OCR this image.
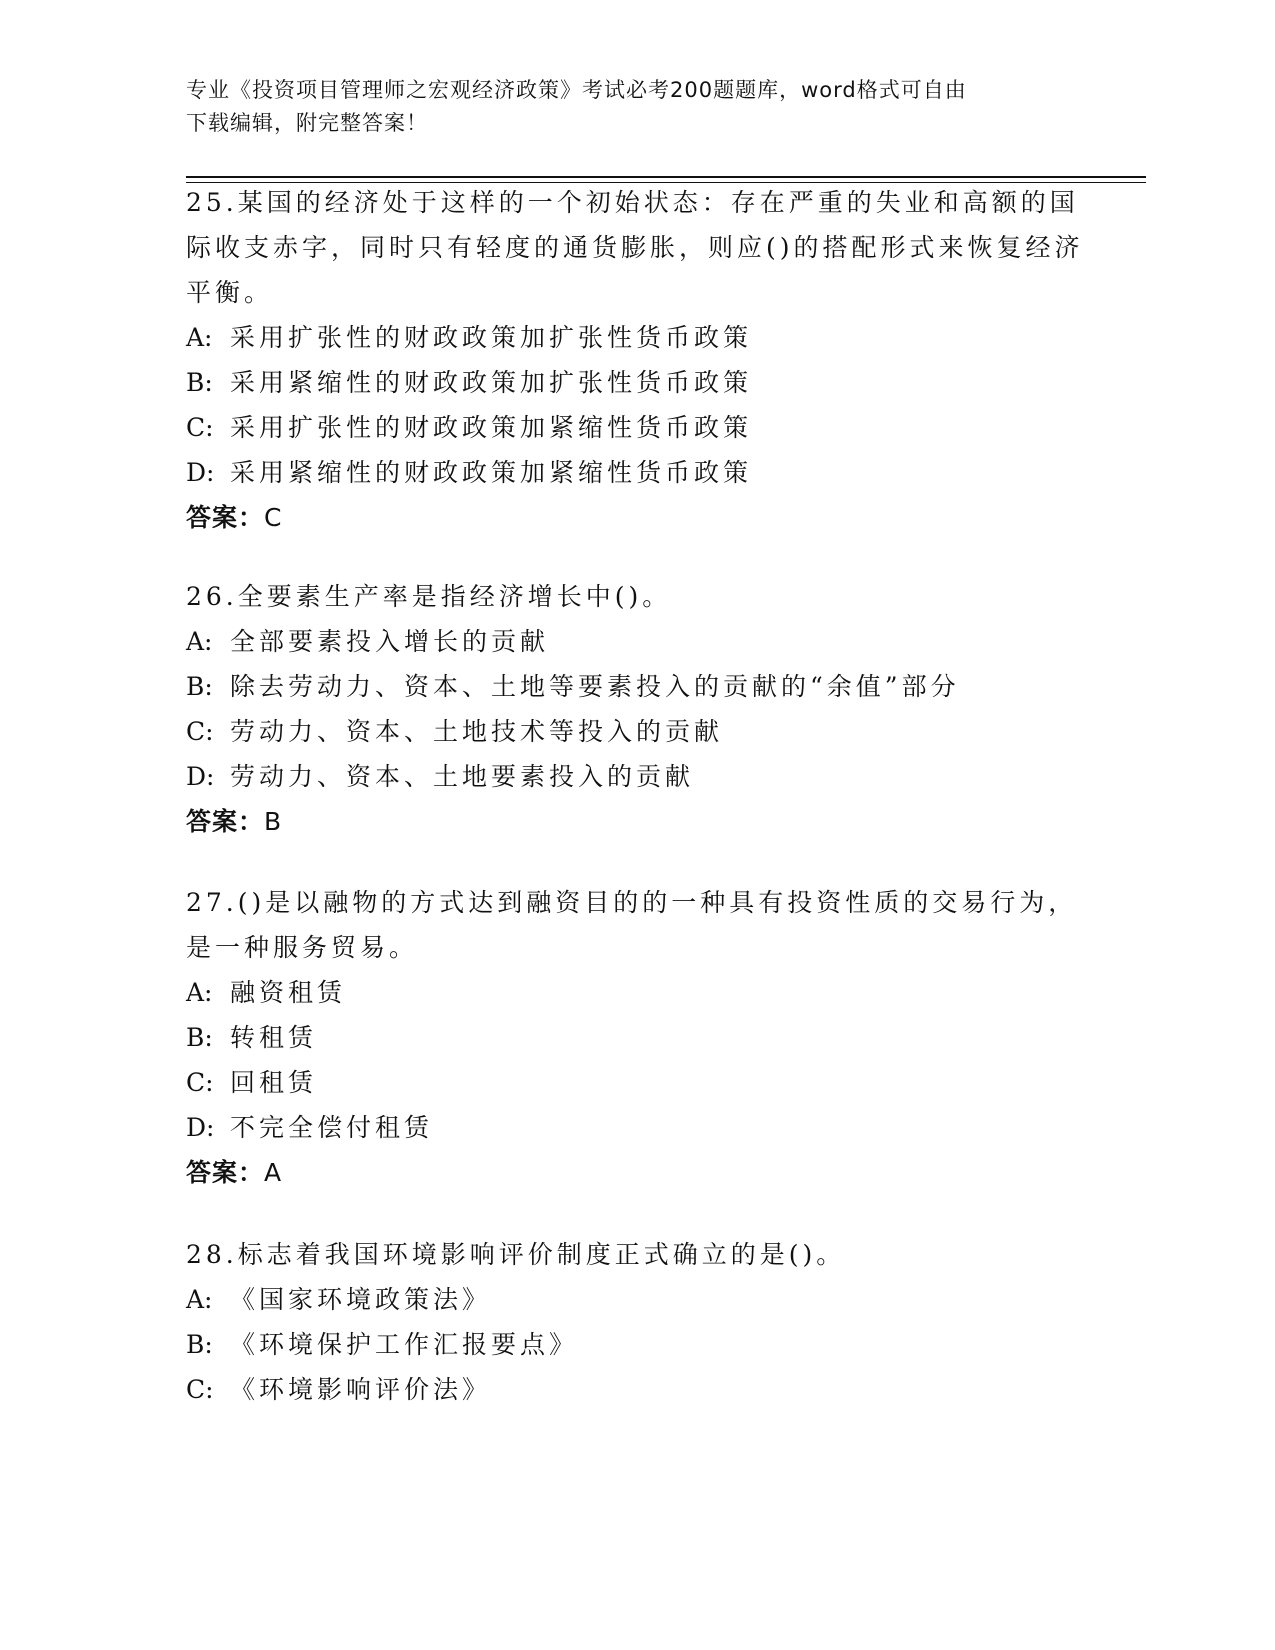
专业《投资项目管理师之宏观经济政策》考试必考200题题库，word格式可自由
下载编辑，附完整答案！

25.某国的经济处于这样的一个初始状态：存在严重的失业和高额的国际收支赤字，同时只有轻度的通货膨胀，则应()的搭配形式来恢复经济平衡。

A: 采用扩张性的财政政策加扩张性货币政策

B: 采用紧缩性的财政政策加扩张性货币政策

C: 采用扩张性的财政政策加紧缩性货币政策

D: 采用紧缩性的财政政策加紧缩性货币政策

答案：C

26.全要素生产率是指经济增长中()。

A: 全部要素投入增长的贡献

B: 除去劳动力、资本、土地等要素投入的贡献的“余值”部分

C: 劳动力、资本、土地技术等投入的贡献

D: 劳动力、资本、土地要素投入的贡献

答案：B

27.()是以融物的方式达到融资目的的一种具有投资性质的交易行为，是一种服务贸易。

A: 融资租赁

B: 转租赁

C: 回租赁

D: 不完全偿付租赁

答案：A

28.标志着我国环境影响评价制度正式确立的是()。

A: 《国家环境政策法》

B: 《环境保护工作汇报要点》

C: 《环境影响评价法》
